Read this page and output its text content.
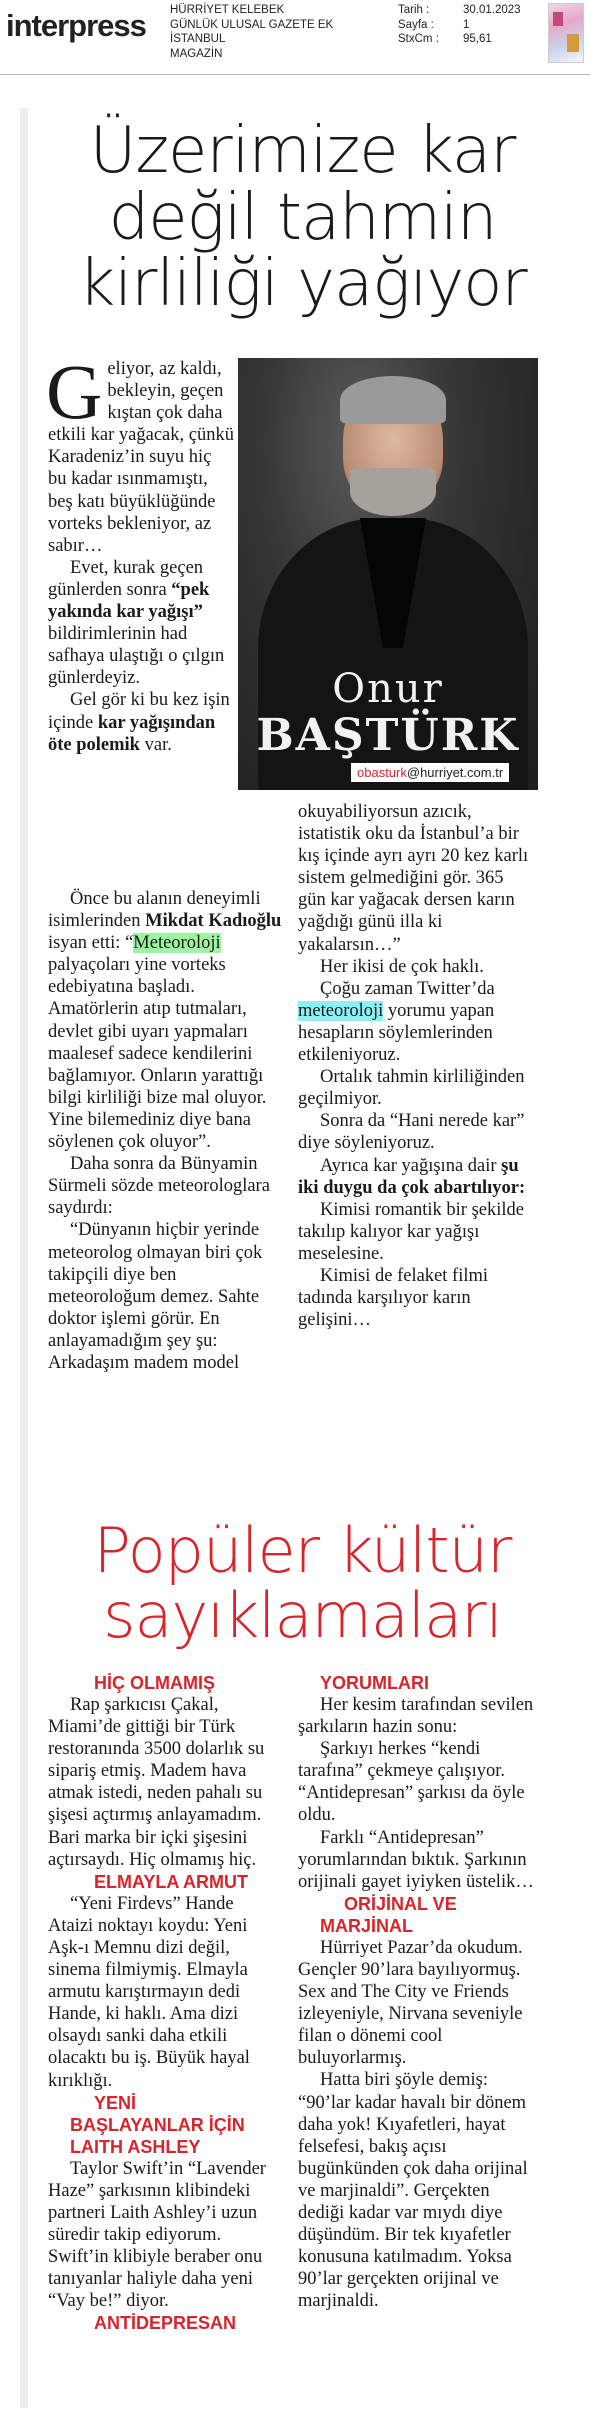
interpress HÜRRİYET KELEBEK
GÜNLÜK ULUSAL GAZETE EK
İSTANBUL
MAGAZİN
Tarih :	30.01.2023
Sayfa :	1
StxCm :	95,61
Üzerimize kar
değil tahmin
kirliliği yağıyor
Onur
BAŞTÜRK
obasturk@hurriyet.com.tr

Geliyor, az kaldı, bekleyin, geçen kıştan çok daha etkili kar yağacak, çünkü Karadeniz’in suyu hiç bu kadar ısınmamıştı, beş katı büyüklüğünde vorteks bekleniyor, az sabır…

Evet, kurak geçen günlerden sonra “pek yakında kar yağışı” bildirimlerinin had safhaya ulaştığı o çılgın günlerdeyiz.

Gel gör ki bu kez işin içinde kar yağışından öte polemik var.

Önce bu alanın deneyimli isimlerinden Mikdat Kadıoğlu isyan etti: “Meteoroloji palyaçoları yine vorteks edebiyatına başladı. Amatörlerin atıp tutmaları, devlet gibi uyarı yapmaları maalesef sadece kendilerini bağlamıyor. Onların yarattığı bilgi kirliliği bize mal oluyor. Yine bilemediniz diye bana söylenen çok oluyor”.

Daha sonra da Bünyamin Sürmeli sözde meteorologlara saydırdı:

“Dünyanın hiçbir yerinde meteorolog olmayan biri çok takipçili diye ben meteoroloğum demez. Sahte doktor işlemi görür. En anlayamadığım şey şu: Arkadaşım madem model

okuyabiliyorsun azıcık, istatistik oku da İstanbul’a bir kış içinde ayrı ayrı 20 kez karlı sistem gelmediğini gör. 365 gün kar yağacak dersen karın yağdığı günü illa ki yakalarsın…”

Her ikisi de çok haklı.

Çoğu zaman Twitter’da meteoroloji yorumu yapan hesapların söylemlerinden etkileniyoruz.

Ortalık tahmin kirliliğinden geçilmiyor.

Sonra da “Hani nerede kar” diye söyleniyoruz.

Ayrıca kar yağışına dair şu iki duygu da çok abartılıyor:

Kimisi romantik bir şekilde takılıp kalıyor kar yağışı meselesine.

Kimisi de felaket filmi tadında karşılıyor karın gelişini…

Popüler kültür
sayıklamaları

HİÇ OLMAMIŞ

Rap şarkıcısı Çakal, Miami’de gittiği bir Türk restoranında 3500 dolarlık su sipariş etmiş. Madem hava atmak istedi, neden pahalı su şişesi açtırmış anlayamadım. Bari marka bir içki şişesini açtırsaydı. Hiç olmamış hiç.

ELMAYLA ARMUT

“Yeni Firdevs” Hande Ataizi noktayı koydu: Yeni Aşk-ı Memnu dizi değil, sinema filmiymiş. Elmayla armutu karıştırmayın dedi Hande, ki haklı. Ama dizi olsaydı sanki daha etkili olacaktı bu iş. Büyük hayal kırıklığı.

YENİ

BAŞLAYANLAR İÇİN

LAITH ASHLEY

Taylor Swift’in “Lavender Haze” şarkısının klibindeki partneri Laith Ashley’i uzun süredir takip ediyorum. Swift’in klibiyle beraber onu tanıyanlar haliyle daha yeni “Vay be!” diyor.

ANTİDEPRESAN

YORUMLARI

Her kesim tarafından sevilen şarkıların hazin sonu:

Şarkıyı herkes “kendi tarafına” çekmeye çalışıyor. “Antidepresan” şarkısı da öyle oldu.

Farklı “Antidepresan” yorumlarından bıktık. Şarkının orijinali gayet iyiyken üstelik…

ORİJİNAL VE

MARJİNAL

Hürriyet Pazar’da okudum. Gençler 90’lara bayılıyormuş. Sex and The City ve Friends izleyeniyle, Nirvana seveniyle filan o dönemi cool buluyorlarmış.

Hatta biri şöyle demiş: “90’lar kadar havalı bir dönem daha yok! Kıyafetleri, hayat felsefesi, bakış açısı bugünkünden çok daha orijinal ve marjinaldi”. Gerçekten dediği kadar var mıydı diye düşündüm. Bir tek kıyafetler konusuna katılmadım. Yoksa 90’lar gerçekten orijinal ve marjinaldi.
